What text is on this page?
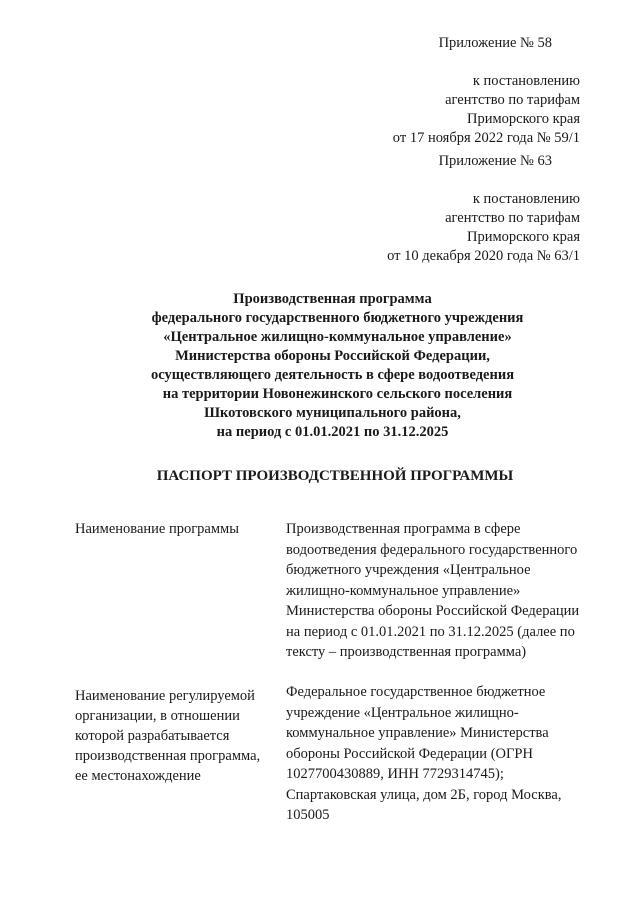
Приложение № 58
к постановлению
агентство по тарифам
Приморского края
от 17 ноября 2022 года № 59/1
Приложение № 63
к постановлению
агентство по тарифам
Приморского края
от 10 декабря 2020 года № 63/1
Производственная программа
федерального государственного бюджетного учреждения
«Центральное жилищно-коммунальное управление»
Министерства обороны Российской Федерации,
осуществляющего деятельность в сфере водоотведения
на территории Новонежинского сельского поселения
Шкотовского муниципального района,
на период с 01.01.2021 по 31.12.2025
ПАСПОРТ ПРОИЗВОДСТВЕННОЙ ПРОГРАММЫ
Наименование программы	Производственная программа в сфере
водоотведения федерального государственного
бюджетного учреждения «Центральное
жилищно-коммунальное управление»
Министерства обороны Российской Федерации
на период с 01.01.2021 по 31.12.2025 (далее по
тексту – производственная программа)
Наименование регулируемой
организации, в отношении
которой разрабатывается
производственная программа,
ее местонахождение
Федеральное государственное бюджетное
учреждение «Центральное жилищно-
коммунальное управление» Министерства
обороны Российской Федерации (ОГРН
1027700430889, ИНН 7729314745);
Спартаковская улица, дом 2Б, город Москва,
105005
